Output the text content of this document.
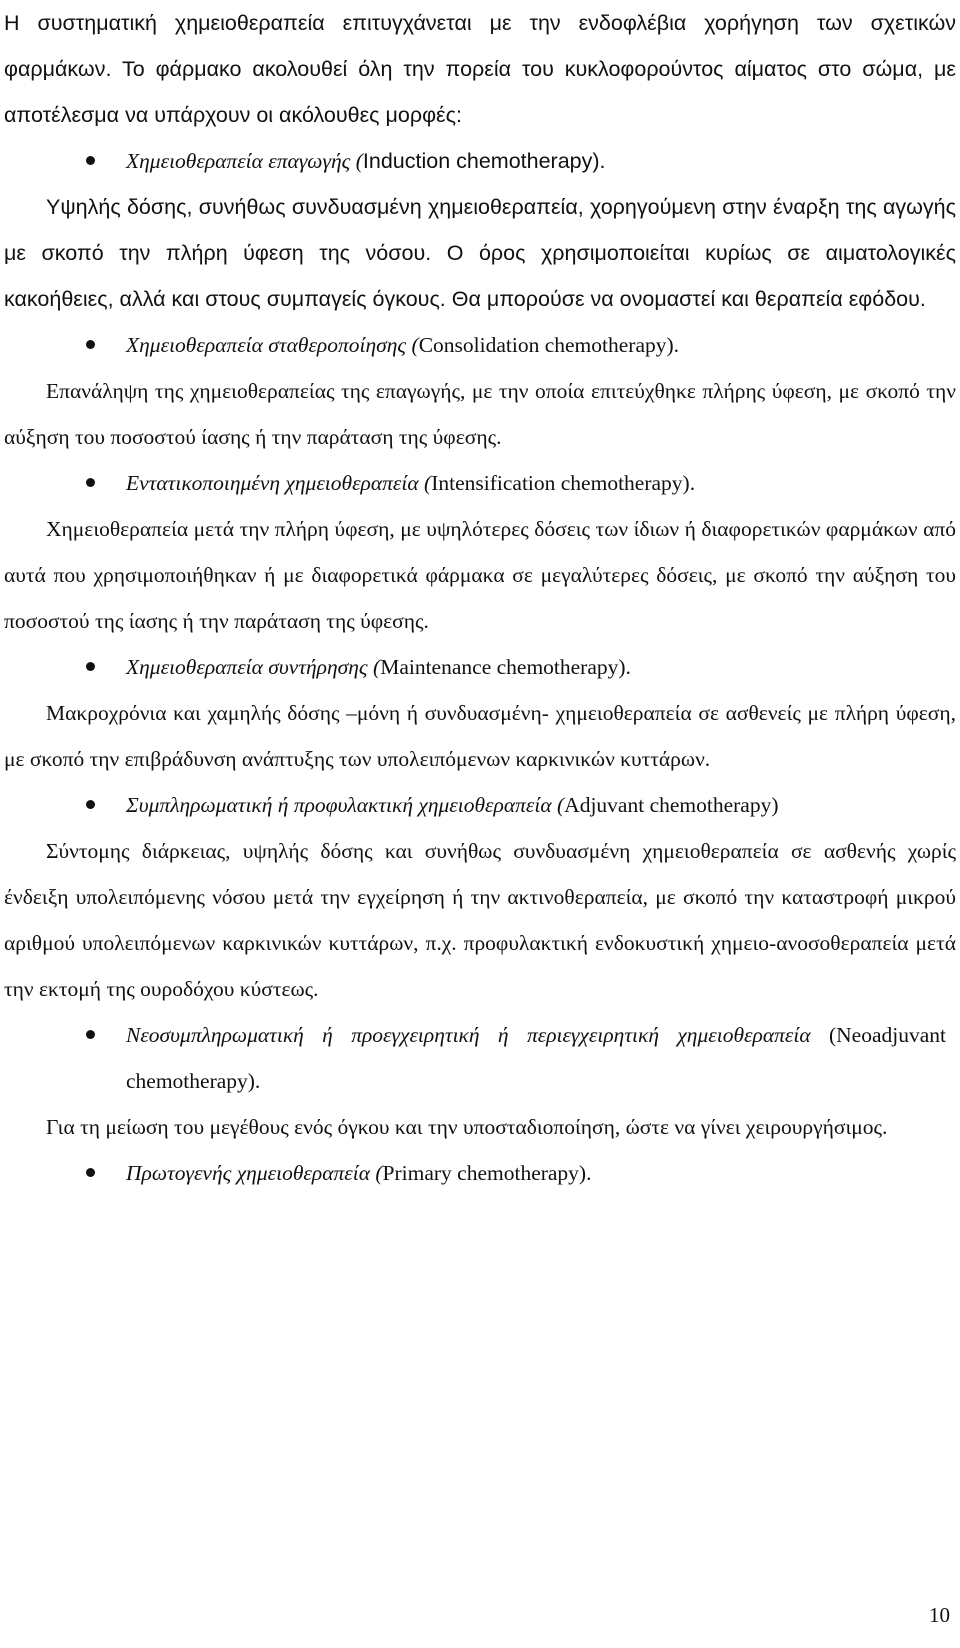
Η συστηματική χημειοθεραπεία επιτυγχάνεται με την ενδοφλέβια χορήγηση των σχετικών φαρμάκων. Το φάρμακο ακολουθεί όλη την πορεία του κυκλοφορούντος αίματος στο σώμα, με αποτέλεσμα να υπάρχουν οι ακόλουθες μορφές:

Χημειοθεραπεία επαγωγής (Induction chemotherapy).

Υψηλής δόσης, συνήθως συνδυασμένη χημειοθεραπεία, χορηγούμενη στην έναρξη της αγωγής με σκοπό την πλήρη ύφεση της νόσου. Ο όρος χρησιμοποιείται κυρίως σε αιματολογικές κακοήθειες, αλλά και στους συμπαγείς όγκους. Θα μπορούσε να ονομαστεί και θεραπεία εφόδου.

Χημειοθεραπεία σταθεροποίησης (Consolidation chemotherapy).

Επανάληψη της χημειοθεραπείας της επαγωγής, με την οποία επιτεύχθηκε πλήρης ύφεση, με σκοπό την αύξηση του ποσοστού ίασης ή την παράταση της ύφεσης.

Εντατικοποιημένη χημειοθεραπεία (Intensification chemotherapy).

Χημειοθεραπεία μετά την πλήρη ύφεση, με υψηλότερες δόσεις των ίδιων ή διαφορετικών φαρμάκων από αυτά που χρησιμοποιήθηκαν ή με διαφορετικά φάρμακα σε μεγαλύτερες δόσεις, με σκοπό την αύξηση του ποσοστού της ίασης ή την παράταση της ύφεσης.

Χημειοθεραπεία συντήρησης (Maintenance chemotherapy).

Μακροχρόνια και χαμηλής δόσης –μόνη ή συνδυασμένη- χημειοθεραπεία σε ασθενείς με πλήρη ύφεση, με σκοπό την επιβράδυνση ανάπτυξης των υπολειπόμενων καρκινικών κυττάρων.

Συμπληρωματική ή προφυλακτική χημειοθεραπεία (Adjuvant chemotherapy)

Σύντομης διάρκειας, υψηλής δόσης και συνήθως συνδυασμένη χημειοθεραπεία σε ασθενής χωρίς ένδειξη υπολειπόμενης νόσου μετά την εγχείρηση ή την ακτινοθεραπεία, με σκοπό την καταστροφή μικρού αριθμού υπολειπόμενων καρκινικών κυττάρων, π.χ. προφυλακτική ενδοκυστική χημειο-ανοσοθεραπεία μετά την εκτομή της ουροδόχου κύστεως.

Νεοσυμπληρωματική ή προεγχειρητική ή περιεγχειρητική χημειοθεραπεία (Neoadjuvant chemotherapy).

Για τη μείωση του μεγέθους ενός όγκου και την υποσταδιοποίηση, ώστε να γίνει χειρουργήσιμος.

Πρωτογενής χημειοθεραπεία (Primary chemotherapy).
10
